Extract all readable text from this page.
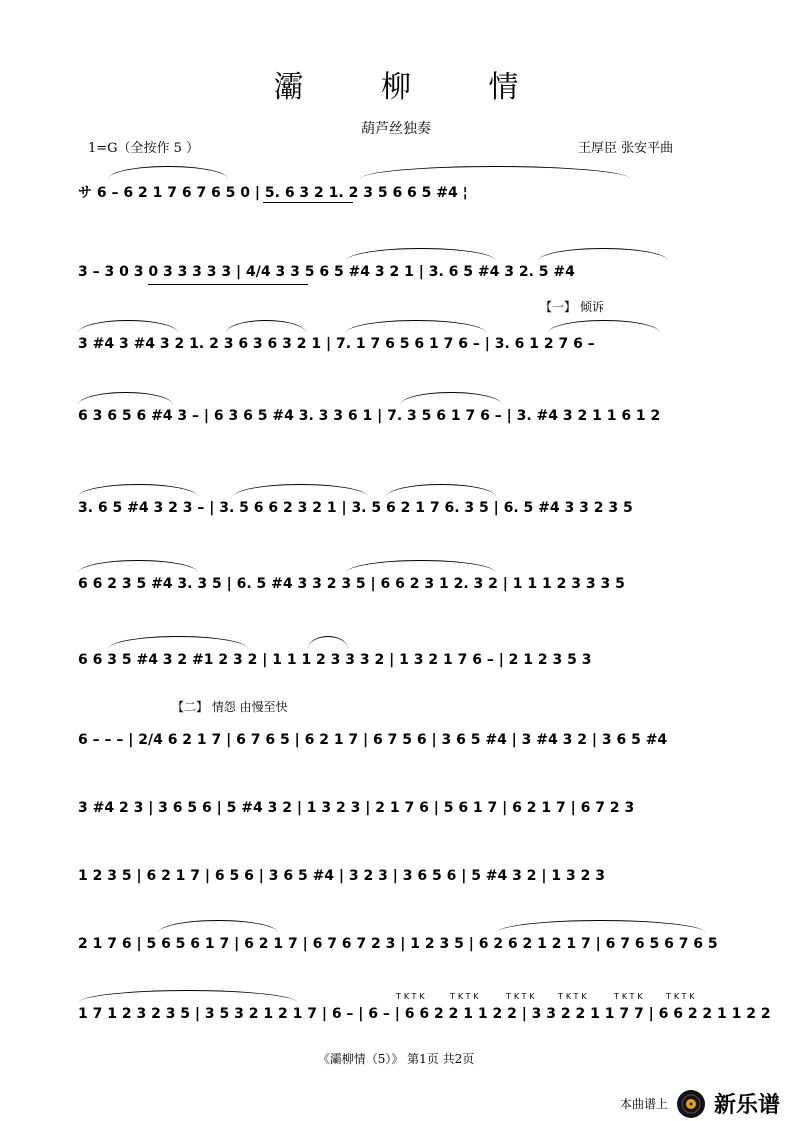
灞 柳 情
葫芦丝独奏
1=G（全按作 5 ）	王厚臣 张安平曲
サ 6 – 6 2 1 7 6 7 6 5 0 | 5. 6 3 2 1. 2 3 5 6 6 5 #4 ¦
3 – 3 0 3 0 3 3 3 3 3 | 4/4 3 3 5 6 5 #4 3 2 1 | 3. 6 5 #4 3 2. 5 #4
【一】 倾诉
3 #4 3 #4 3 2 1. 2 3 6 3 6 3 2 1 | 7. 1 7 6 5 6 1 7 6 – | 3. 6 1 2 7 6 –
6 3 6 5 6 #4 3 – | 6 3 6 5 #4 3. 3 3 6 1 | 7. 3 5 6 1 7 6 – | 3. #4 3 2 1 1 6 1 2
3. 6 5 #4 3 2 3 – | 3. 5 6 6 2 3 2 1 | 3. 5 6 2 1 7 6. 3 5 | 6. 5 #4 3 3 2 3 5
6 6 2 3 5 #4 3. 3 5 | 6. 5 #4 3 3 2 3 5 | 6 6 2 3 1 2. 3 2 | 1 1 1 2 3 3 3 5
6 6 3 5 #4 3 2 #1 2 3 2 | 1 1 1 2 3 3 3 2 | 1 3 2 1 7 6 – | 2 1 2 3 5 3
【二】 情怨 由慢至快
6 – – – | 2/4 6 2 1 7 | 6 7 6 5 | 6 2 1 7 | 6 7 5 6 | 3 6 5 #4 | 3 #4 3 2 | 3 6 5 #4
3 #4 2 3 | 3 6 5 6 | 5 #4 3 2 | 1 3 2 3 | 2 1 7 6 | 5 6 1 7 | 6 2 1 7 | 6 7 2 3
1 2 3 5 | 6 2 1 7 | 6 5 6 | 3 6 5 #4 | 3 2 3 | 3 6 5 6 | 5 #4 3 2 | 1 3 2 3
2 1 7 6 | 5 6 5 6 1 7 | 6 2 1 7 | 6 7 6 7 2 3 | 1 2 3 5 | 6 2 6 2 1 2 1 7 | 6 7 6 5 6 7 6 5
TKTK	TKTK	TKTK	TKTK	TKTK	TKTK
1 7 1 2 3 2 3 5 | 3 5 3 2 1 2 1 7 | 6 – | 6 – | 6 6 2 2 1 1 2 2 | 3 3 2 2 1 1 7 7 | 6 6 2 2 1 1 2 2
《灞柳情（5）》 第1页 共2页
本曲谱上 新乐谱
